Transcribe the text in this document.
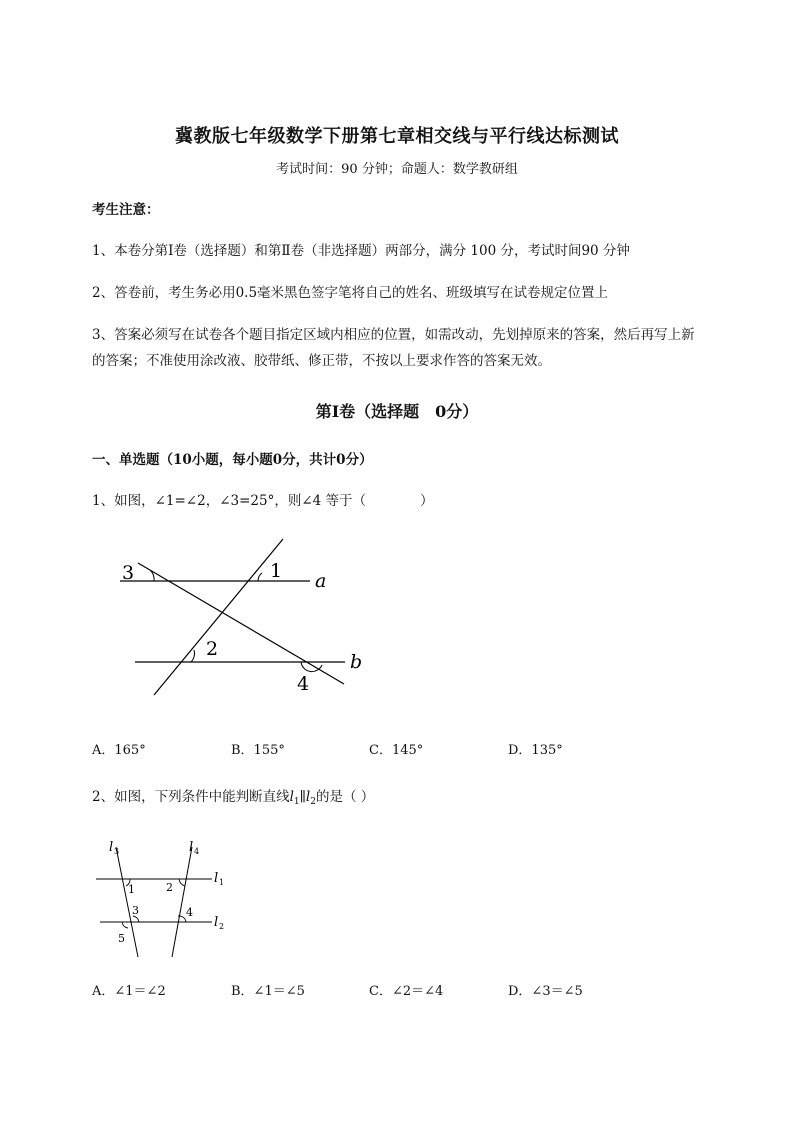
冀教版七年级数学下册第七章相交线与平行线达标测试
考试时间：90 分钟；命题人：数学教研组
考生注意：
1、本卷分第Ⅰ卷（选择题）和第Ⅱ卷（非选择题）两部分，满分 100 分，考试时间90 分钟
2、答卷前，考生务必用0.5毫米黑色签字笔将自己的姓名、班级填写在试卷规定位置上
3、答案必须写在试卷各个题目指定区域内相应的位置，如需改动，先划掉原来的答案，然后再写上新
的答案；不准使用涂改液、胶带纸、修正带，不按以上要求作答的答案无效。
第Ⅰ卷（选择题　0分）
一、单选题（10小题，每小题0分，共计0分）
1、如图，∠1=∠2，∠3=25°，则∠4 等于（　　　　）
3	1 a
2
b
4
A．165°	B．155°	C．145°	D．135°
2、如图，下列条件中能判断直线$l_1\parallel l_2$的是（ ）
l 3	l 4
l 1
l 2
1	2
3	4
5
A．∠1＝∠2	B．∠1＝∠5	C．∠2＝∠4	D．∠3＝∠5
